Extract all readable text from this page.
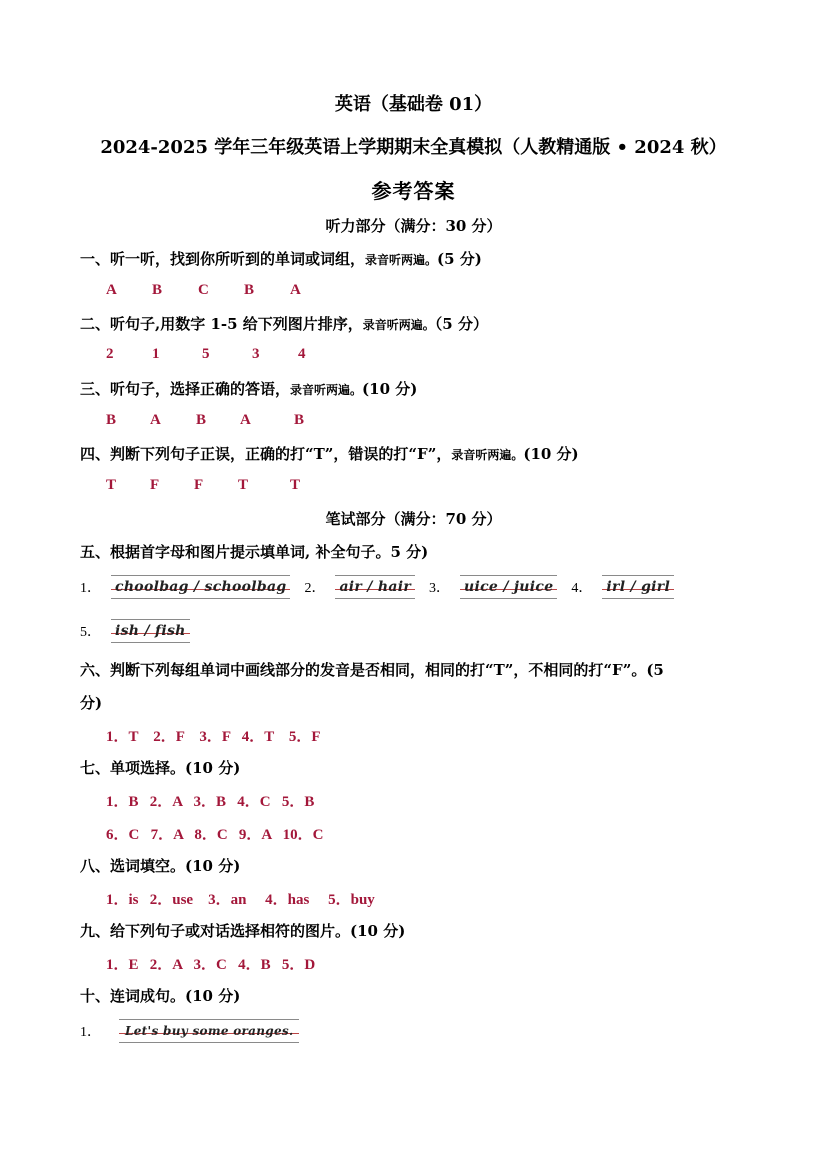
英语（基础卷 01）
2024-2025 学年三年级英语上学期期末全真模拟（人教精通版 • 2024 秋）
参考答案
听力部分（满分：30 分）
一、听一听，找到你所听到的单词或词组，录音听两遍。(5 分)
A B C B A
二、听句子,用数字 1-5 给下列图片排序，录音听两遍。（5 分）
2	1	5	3	4
三、听句子，选择正确的答语，录音听两遍。(10 分)
B A B A	B
四、判断下列句子正误，正确的打“T”，错误的打“F”，录音听两遍。(10 分)
T F F T	T
笔试部分（满分：70 分）
五、根据首字母和图片提示填单词, 补全句子。5 分)
1． choolbag / schoolbag 2． air / hair 3． uice / juice 4． irl / girl
5． ish / fish
六、判断下列每组单词中画线部分的发音是否相同，相同的打“T”，不相同的打“F”。(5
分)
1．T    2．F    3．F   4．T    5．F
七、单项选择。(10 分)
1．B   2．A   3．B   4．C   5．B
6．C   7．A   8．C   9．A   10．C
八、选词填空。(10 分)
1．is   2．use    3．an     4．has     5．buy
九、给下列句子或对话选择相符的图片。(10 分)
1．E   2．A   3．C   4．B   5．D
十、连词成句。(10 分)
1． Let's buy some oranges.
